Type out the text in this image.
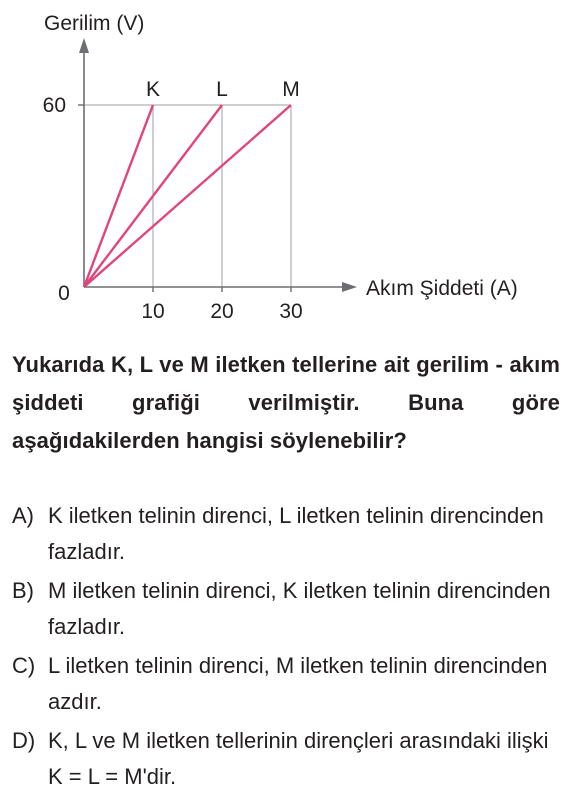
Gerilim (V)
Akım Şiddeti (A)
0
10 20 30
60
K	L	M

Yukarıda K, L ve M iletken tellerine ait gerilim - akım şiddeti grafiği verilmiştir. Buna göre aşağıdakilerden hangisi söylenebilir?

A) K iletken telinin direnci, L iletken telinin direncinden fazladır.
B) M iletken telinin direnci, K iletken telinin direncinden fazladır.
C) L iletken telinin direnci, M iletken telinin direncinden azdır.
D) K, L ve M iletken tellerinin dirençleri arasındaki ilişki K = L = M'dir.
